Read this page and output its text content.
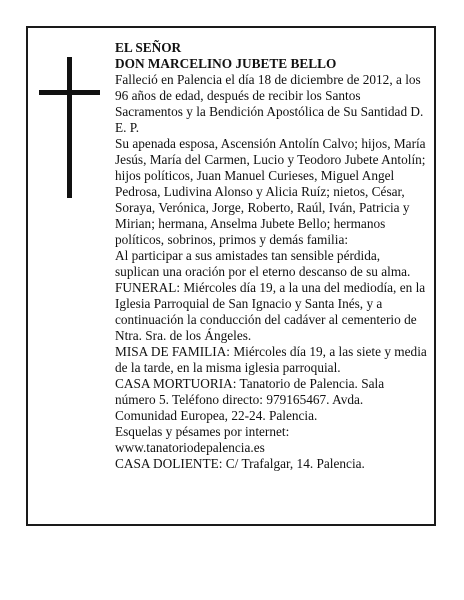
EL SEÑOR

DON MARCELINO JUBETE BELLO

Falleció en Palencia el día 18 de diciembre de 2012, a los 96 años de edad, después de recibir los Santos Sacramentos y la Bendición Apostólica de Su Santidad D. E. P.

Su apenada esposa, Ascensión Antolín Calvo; hijos, María Jesús, María del Carmen, Lucio y Teodoro Jubete Antolín; hijos políticos, Juan Manuel Curieses, Miguel Angel Pedrosa, Ludivina Alonso y Alicia Ruíz; nietos, César, Soraya, Verónica, Jorge, Roberto, Raúl, Iván, Patricia y Mirian; hermana, Anselma Jubete Bello; hermanos políticos, sobrinos, primos y demás familia:

Al participar a sus amistades tan sensible pérdida, suplican una oración por el eterno descanso de su alma.

FUNERAL: Miércoles día 19, a la una del mediodía, en la Iglesia Parroquial de San Ignacio y Santa Inés, y a continuación la conducción del cadáver al cementerio de Ntra. Sra. de los Ángeles.

MISA DE FAMILIA: Miércoles día 19, a las siete y media de la tarde, en la misma iglesia parroquial.

CASA MORTUORIA: Tanatorio de Palencia. Sala número 5. Teléfono directo: 979165467. Avda. Comunidad Europea, 22-24. Palencia.

Esquelas y pésames por internet: www.tanatoriodepalencia.es

CASA DOLIENTE: C/ Trafalgar, 14. Palencia.
